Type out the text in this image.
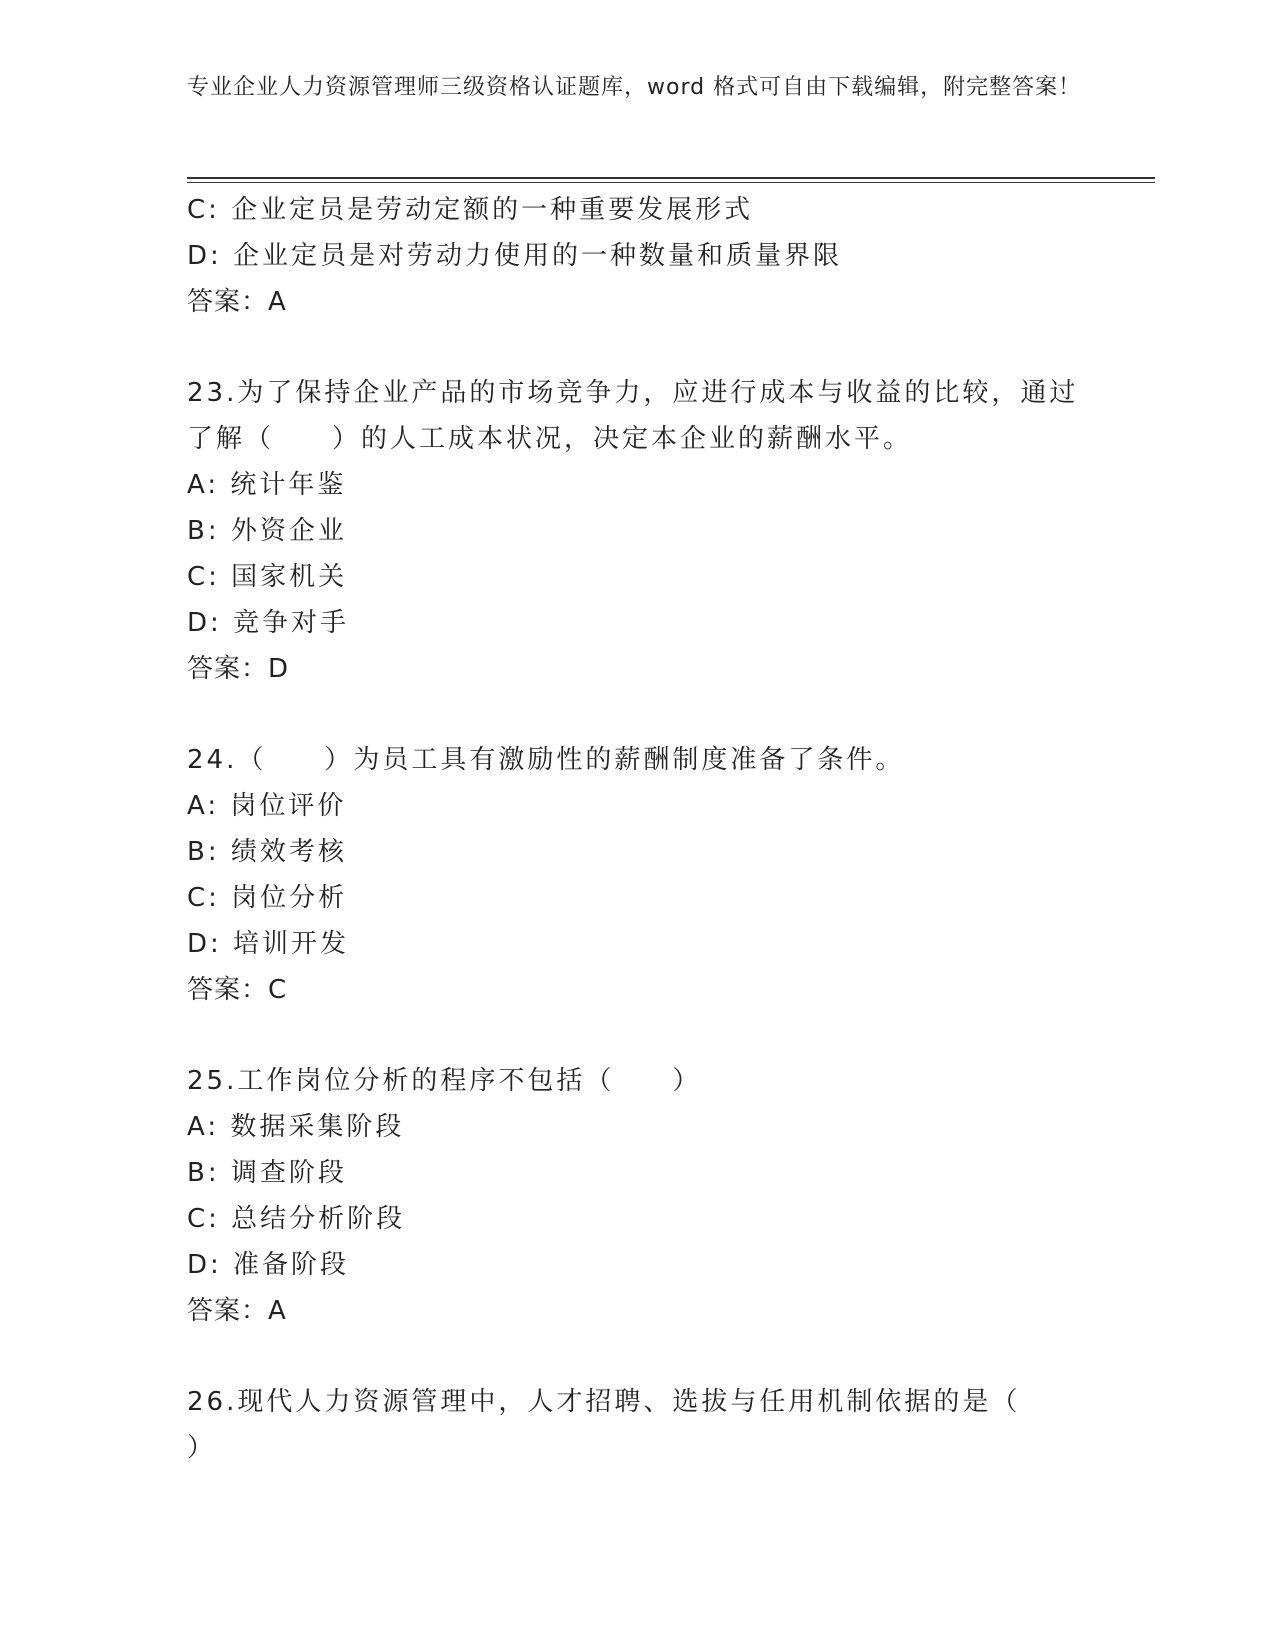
专业企业人力资源管理师三级资格认证题库，word 格式可自由下载编辑，附完整答案！
C: 企业定员是劳动定额的一种重要发展形式
D: 企业定员是对劳动力使用的一种数量和质量界限
答案：A
23.为了保持企业产品的市场竞争力，应进行成本与收益的比较，通过
了解（　　）的人工成本状况，决定本企业的薪酬水平。
A: 统计年鉴
B: 外资企业
C: 国家机关
D: 竞争对手
答案：D
24.（　　）为员工具有激励性的薪酬制度准备了条件。
A: 岗位评价
B: 绩效考核
C: 岗位分析
D: 培训开发
答案：C
25.工作岗位分析的程序不包括（　　）
A: 数据采集阶段
B: 调查阶段
C: 总结分析阶段
D: 准备阶段
答案：A
26.现代人力资源管理中，人才招聘、选拔与任用机制依据的是（
）
